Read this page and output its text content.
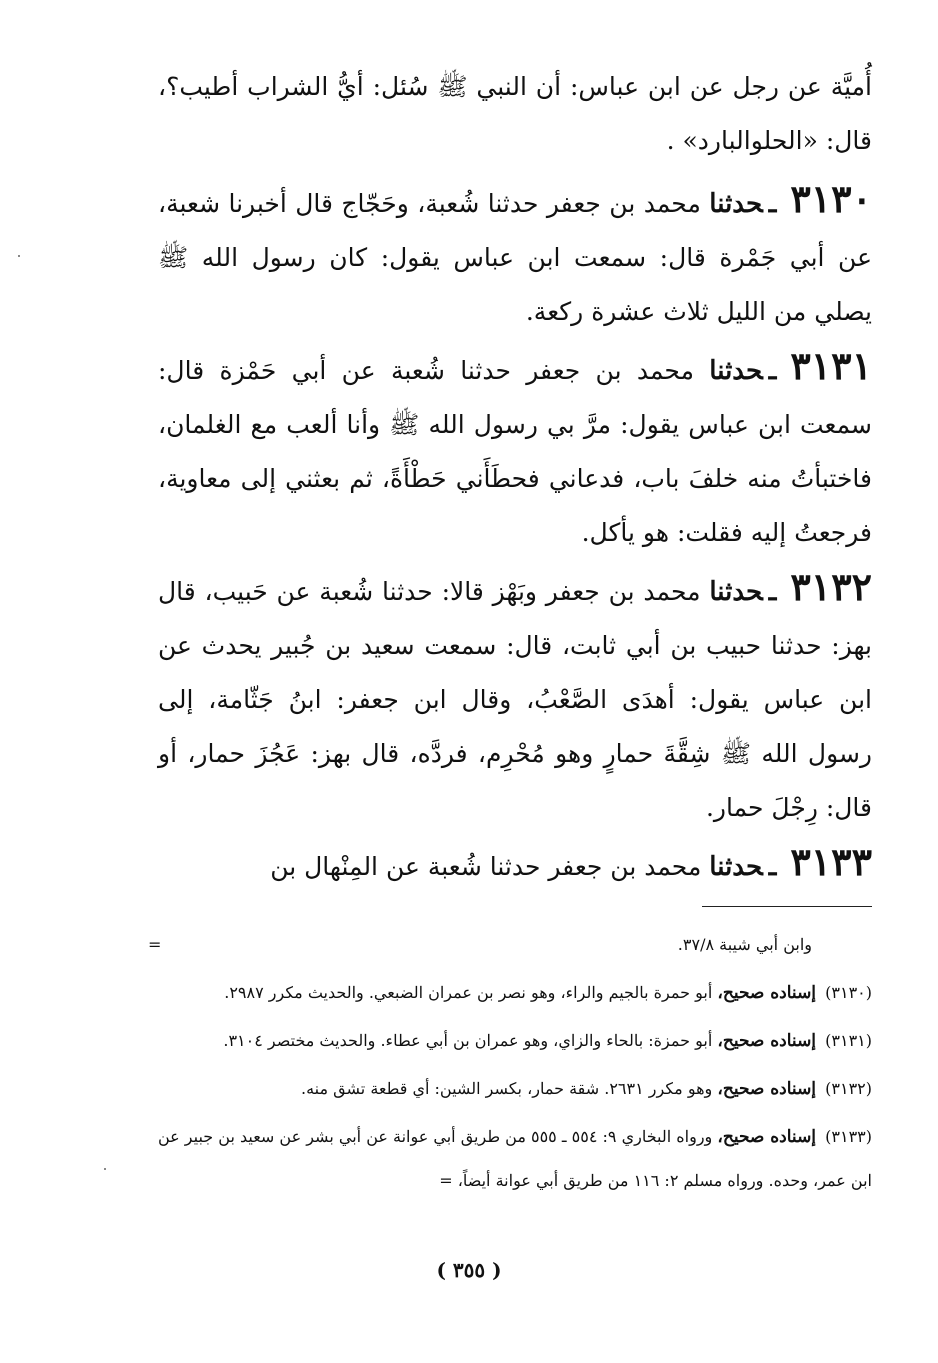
أُميَّة عن رجل عن ابن عباس: أن النبي ﷺ سُئل: أيُّ الشراب أطيب؟، قال: «الحلوالبارد» .

٣١٣٠ـحدثنا محمد بن جعفر حدثنا شُعبة، وحَجّاج قال أخبرنا شعبة، عن أبي جَمْرة قال: سمعت ابن عباس يقول: كان رسول الله ﷺ يصلي من الليل ثلاث عشرة ركعة.

٣١٣١ـحدثنا محمد بن جعفر حدثنا شُعبة عن أبي حَمْزة قال: سمعت ابن عباس يقول: مرَّ بي رسول الله ﷺ وأنا ألعب مع الغلمان، فاختبأتُ منه خلفَ باب، فدعاني فحطَأَني حَطْأَةً، ثم بعثني إلى معاوية، فرجعتُ إليه فقلت: هو يأكل.

٣١٣٢ـحدثنا محمد بن جعفر وبَهْز قالا: حدثنا شُعبة عن حَبيب، قال بهز: حدثنا حبيب بن أبي ثابت، قال: سمعت سعيد بن جُبير يحدث عن ابن عباس يقول: أهدَى الصَّعْبُ، وقال ابن جعفر: ابنُ جَثّامة، إلى رسول الله ﷺ شِقَّةَ حمارٍ وهو مُحْرِم، فردَّه، قال بهز: عَجُزَ حمار، أو قال: رِجْلَ حمار.

٣١٣٣ـحدثنا محمد بن جعفر حدثنا شُعبة عن المِنْهال بن

وابن أبي شيبة ٣٧/٨.
=

(٣١٣٠) إسناده صحيح، أبو حمرة بالجيم والراء، وهو نصر بن عمران الضبعي. والحديث مكرر ٢٩٨٧.

(٣١٣١) إسناده صحيح، أبو حمزة: بالحاء والزاي، وهو عمران بن أبي عطاء. والحديث مختصر ٣١٠٤.

(٣١٣٢) إسناده صحيح، وهو مكرر ٢٦٣١. شقة حمار، بكسر الشين: أي قطعة تشق منه.

(٣١٣٣) إسناده صحيح، ورواه البخاري ٩: ٥٥٤ ـ ٥٥٥ من طريق أبي عوانة عن أبي بشر عن سعيد بن جبير عن ابن عمر، وحده. ورواه مسلم ٢: ١١٦ من طريق أبي عوانة أيضاً، =

( ٣٥٥ )
